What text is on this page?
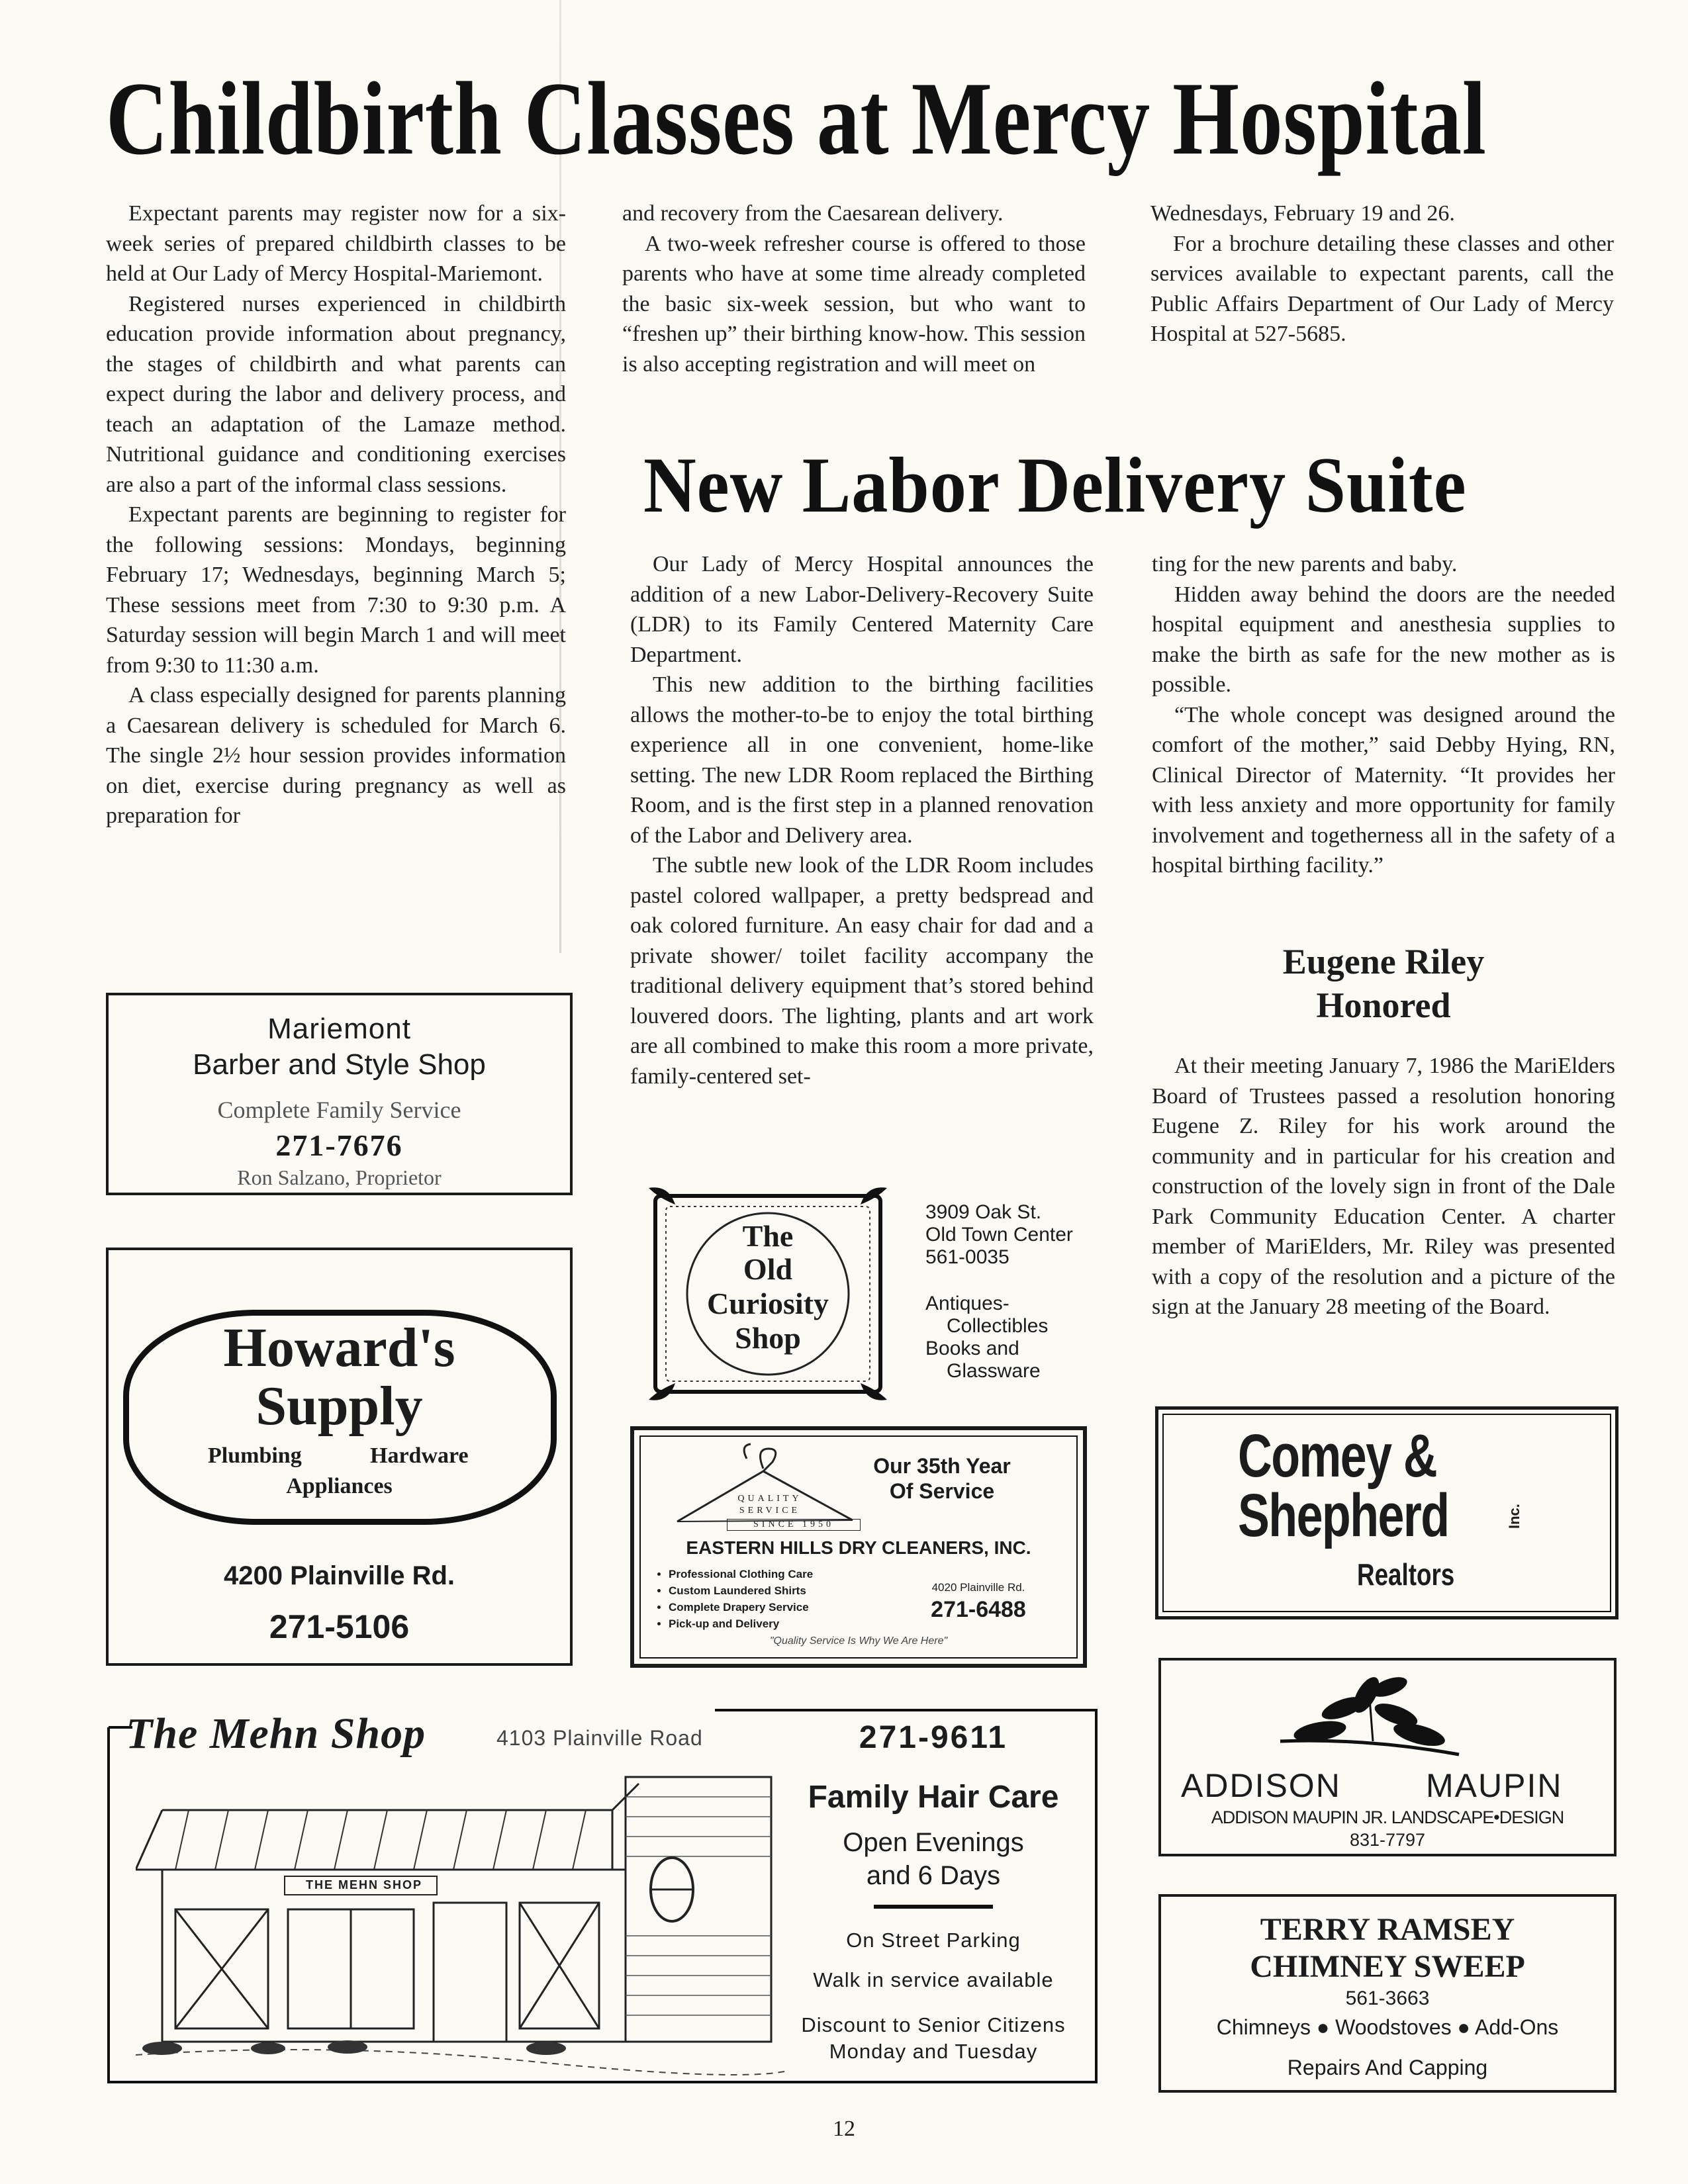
Childbirth Classes at Mercy Hospital

Expectant parents may register now for a six-week series of prepared childbirth classes to be held at Our Lady of Mercy Hospital-Mariemont.

Registered nurses experienced in childbirth education provide information about pregnancy, the stages of childbirth and what parents can expect during the labor and delivery process, and teach an adaptation of the Lamaze method. Nutritional guidance and conditioning exercises are also a part of the informal class sessions.

Expectant parents are beginning to register for the following sessions: Mondays, beginning February 17; Wednesdays, beginning March 5; These sessions meet from 7:30 to 9:30 p.m. A Saturday session will begin March 1 and will meet from 9:30 to 11:30 a.m.

A class especially designed for parents planning a Caesarean delivery is scheduled for March 6. The single 2½ hour session provides information on diet, exercise during pregnancy as well as preparation for

and recovery from the Caesarean delivery.

A two-week refresher course is offered to those parents who have at some time already completed the basic six-week session, but who want to “freshen up” their birthing know-how. This session is also accepting registration and will meet on

Wednesdays, February 19 and 26.

For a brochure detailing these classes and other services available to expectant parents, call the Public Affairs Department of Our Lady of Mercy Hospital at 527-5685.

New Labor Delivery Suite

Our Lady of Mercy Hospital announces the addition of a new Labor-Delivery-Recovery Suite (LDR) to its Family Centered Maternity Care Department.

This new addition to the birthing facilities allows the mother-to-be to enjoy the total birthing experience all in one convenient, home-like setting. The new LDR Room replaced the Birthing Room, and is the first step in a planned renovation of the Labor and Delivery area.

The subtle new look of the LDR Room includes pastel colored wallpaper, a pretty bedspread and oak colored furniture. An easy chair for dad and a private shower/ toilet facility accompany the traditional delivery equipment that’s stored behind louvered doors. The lighting, plants and art work are all combined to make this room a more private, family-centered set-

ting for the new parents and baby.

Hidden away behind the doors are the needed hospital equipment and anesthesia supplies to make the birth as safe for the new mother as is possible.

“The whole concept was designed around the comfort of the mother,” said Debby Hying, RN, Clinical Director of Maternity. “It provides her with less anxiety and more opportunity for family involvement and togetherness all in the safety of a hospital birthing facility.”

Eugene Riley
Honored

At their meeting January 7, 1986 the MariElders Board of Trustees passed a resolution honoring Eugene Z. Riley for his work around the community and in particular for his creation and construction of the lovely sign in front of the Dale Park Community Education Center. A charter member of MariElders, Mr. Riley was presented with a copy of the resolution and a picture of the sign at the January 28 meeting of the Board.

Mariemont
Barber and Style Shop
Complete Family Service
271-7676
Ron Salzano, Proprietor
Howard's
Supply
Plumbing	Hardware
Appliances
4200 Plainville Rd.
271-5106
The
Old
Curiosity
Shop
3909 Oak St.
Old Town Center
561-0035
Antiques-
Collectibles
Books and
Glassware
QUALITY
SERVICE
SINCE 1950
Our 35th Year
Of Service
EASTERN HILLS DRY CLEANERS, INC.
• Professional Clothing Care
• Custom Laundered Shirts
• Complete Drapery Service
• Pick-up and Delivery
4020 Plainville Rd.
271-6488
"Quality Service Is Why We Are Here"
Comey &
Shepherd	Inc.
Realtors
ADDISON	MAUPIN
ADDISON MAUPIN JR. LANDSCAPE•DESIGN
831-7797
TERRY RAMSEY
CHIMNEY SWEEP
561-3663
Chimneys ● Woodstoves ● Add-Ons
Repairs And Capping
The Mehn Shop	4103 Plainville Road
THE MEHN SHOP
271-9611
Family Hair Care
Open Evenings
and 6 Days
On Street Parking
Walk in service available
Discount to Senior Citizens
Monday and Tuesday
12
